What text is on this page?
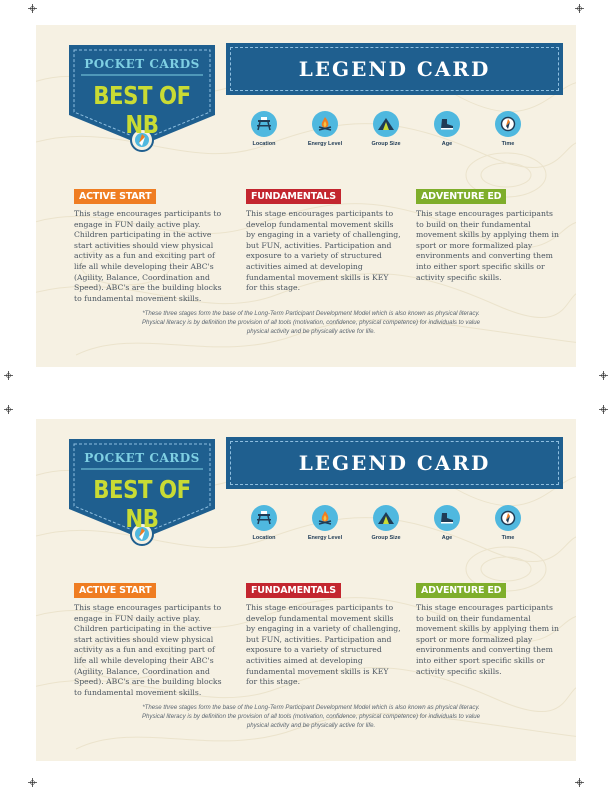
POCKET CARDS
BEST OF NB
LEGEND CARD
Location	Energy Level	Group Size	Age	Time
ACTIVE START
This stage encourages participants to engage in FUN daily active play. Children participating in the active start activities should view physical activity as a fun and exciting part of life all while developing their ABC's (Agility, Balance, Coordination and Speed). ABC's are the building blocks to fundamental movement skills.
FUNDAMENTALS
This stage encourages participants to develop fundamental movement skills by engaging in a variety of challenging, but FUN, activities. Participation and exposure to a variety of structured activities aimed at developing fundamental movement skills is KEY for this stage.
ADVENTURE ED
This stage encourages participants to build on their fundamental movement skills by applying them in sport or more formalized play environments and converting them into either sport specific skills or activity specific skills.
*These three stages form the base of the Long-Term Participant Development Model which is also known as physical literacy. Physical literacy is by definition the provision of all tools (motivation, confidence, physical competence) for individuals to value physical activity and be physically active for life.
POCKET CARDS
BEST OF NB
LEGEND CARD
Location	Energy Level	Group Size	Age	Time
ACTIVE START
This stage encourages participants to engage in FUN daily active play. Children participating in the active start activities should view physical activity as a fun and exciting part of life all while developing their ABC's (Agility, Balance, Coordination and Speed). ABC's are the building blocks to fundamental movement skills.
FUNDAMENTALS
This stage encourages participants to develop fundamental movement skills by engaging in a variety of challenging, but FUN, activities. Participation and exposure to a variety of structured activities aimed at developing fundamental movement skills is KEY for this stage.
ADVENTURE ED
This stage encourages participants to build on their fundamental movement skills by applying them in sport or more formalized play environments and converting them into either sport specific skills or activity specific skills.
*These three stages form the base of the Long-Term Participant Development Model which is also known as physical literacy. Physical literacy is by definition the provision of all tools (motivation, confidence, physical competence) for individuals to value physical activity and be physically active for life.
